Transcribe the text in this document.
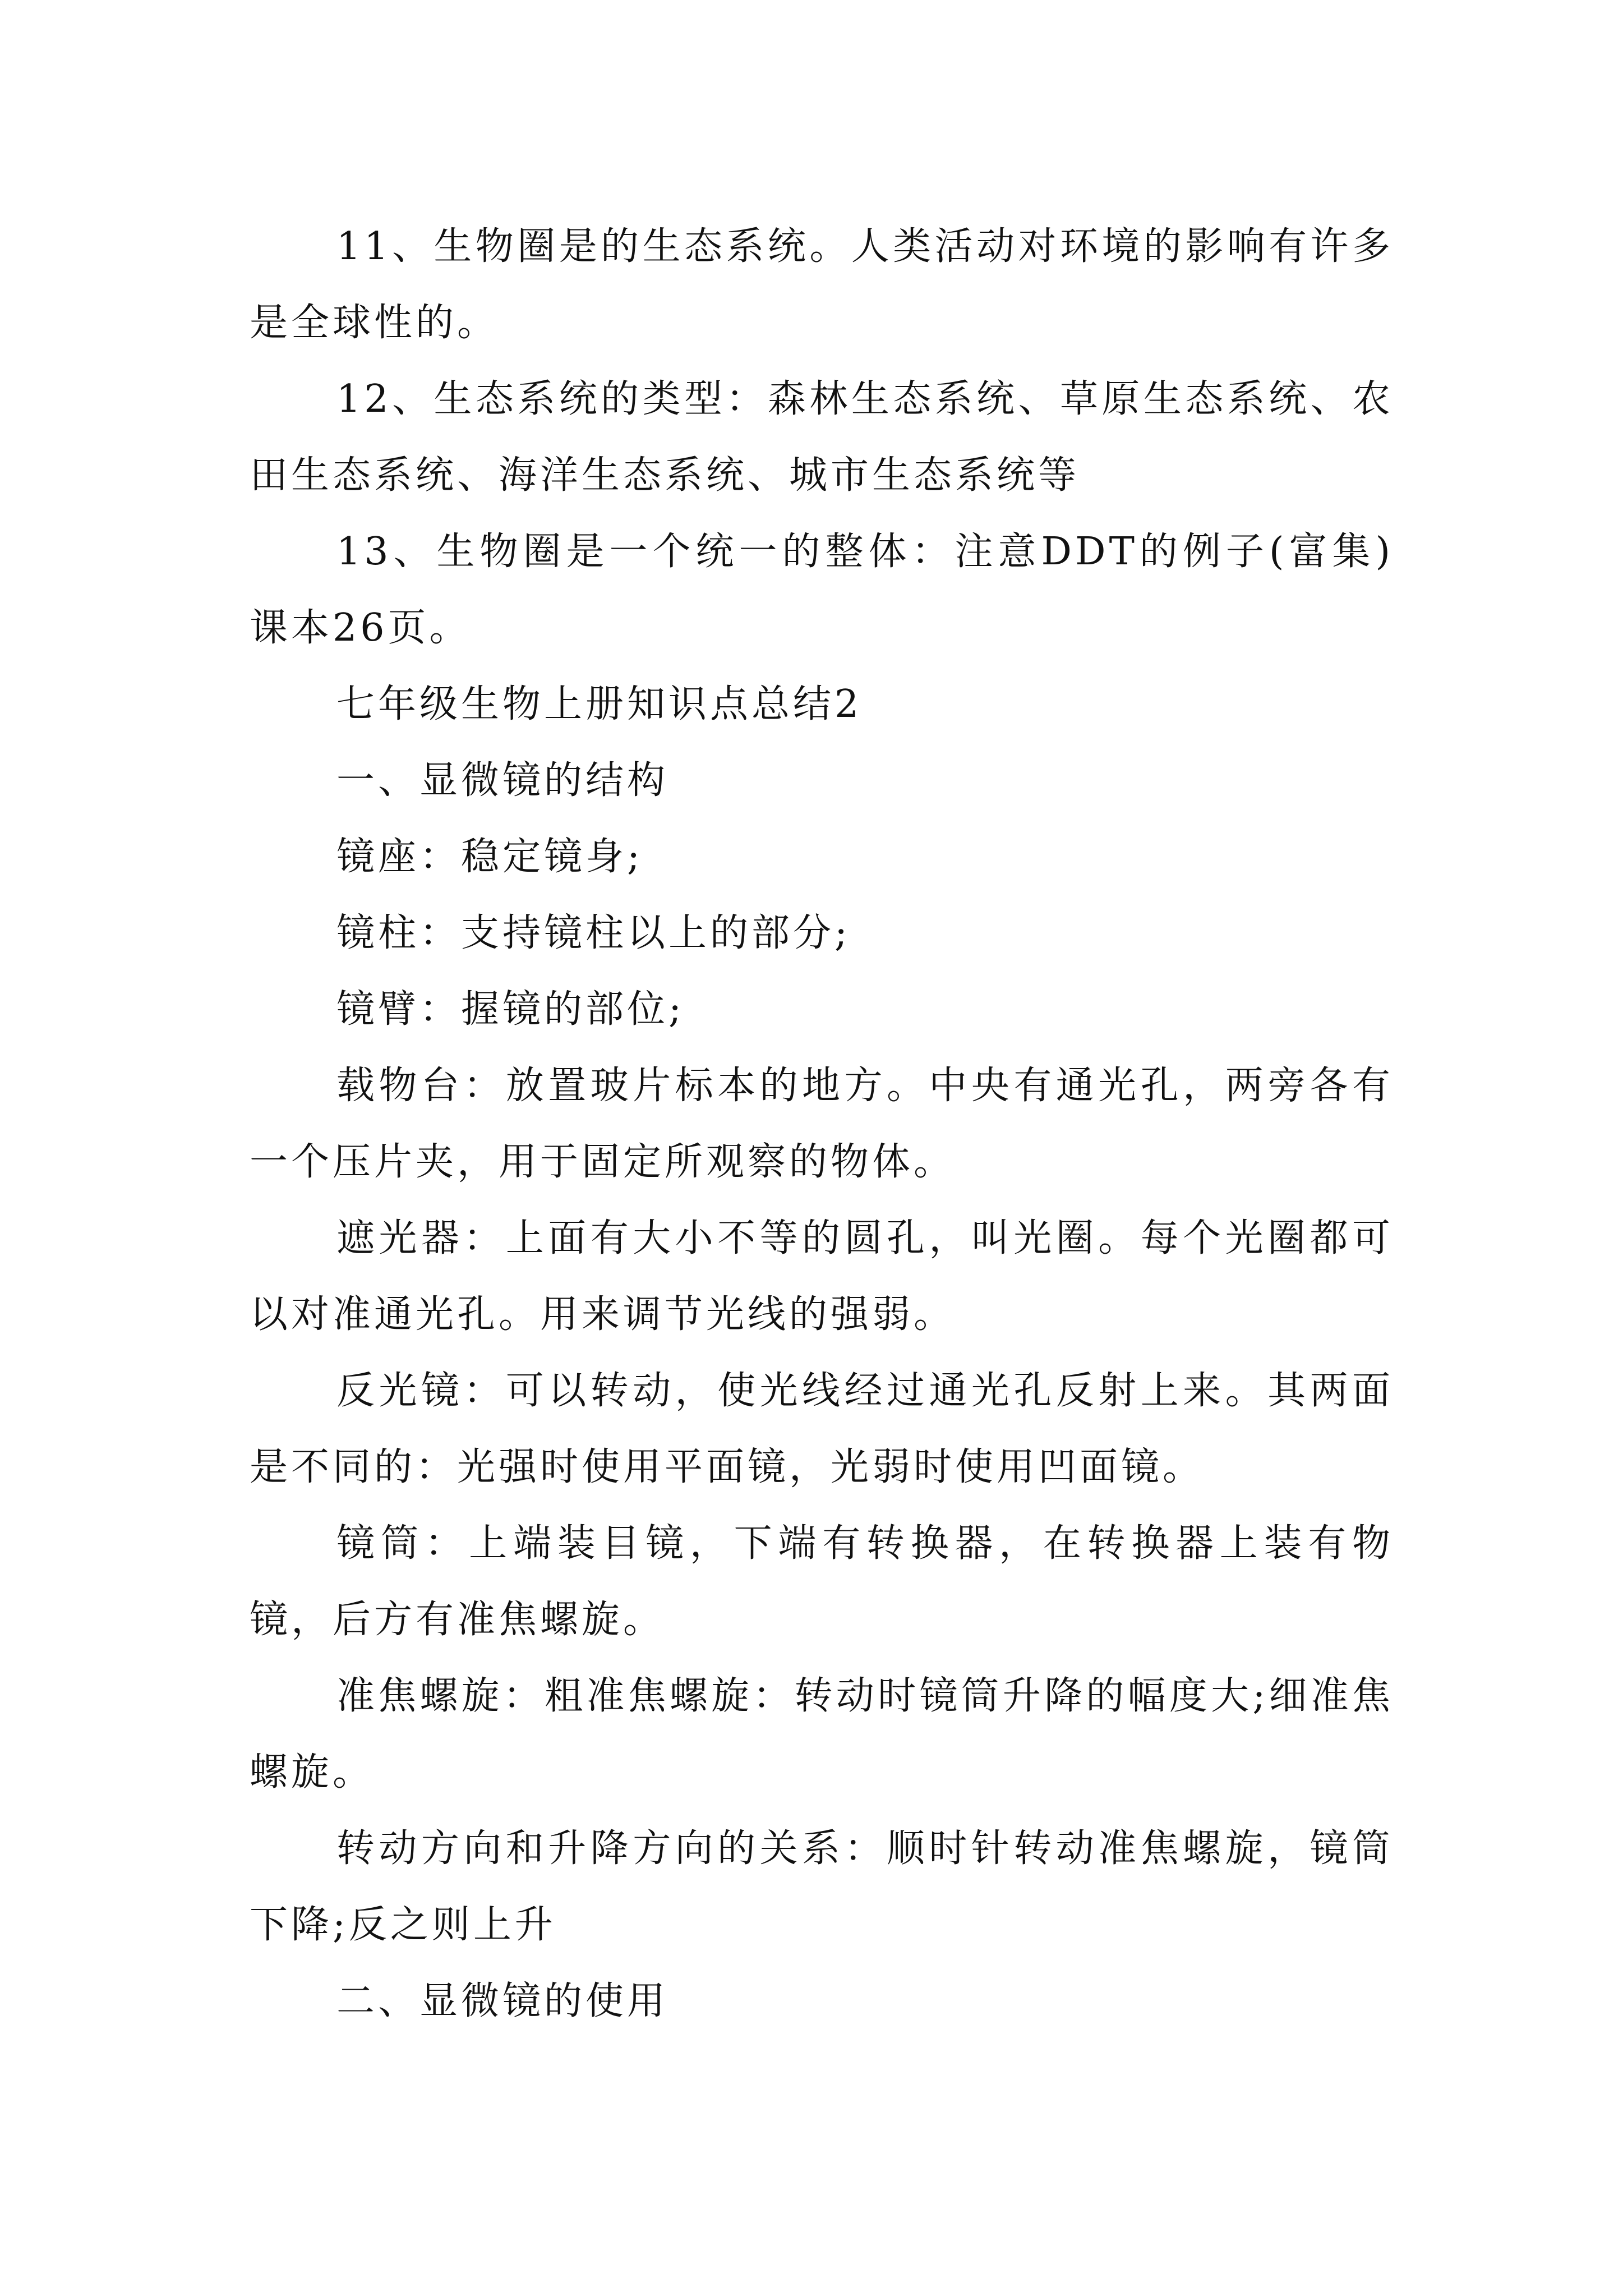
11、生物圈是的生态系统。人类活动对环境的影响有许多是全球性的。

12、生态系统的类型：森林生态系统、草原生态系统、农田生态系统、海洋生态系统、城市生态系统等

13、生物圈是一个统一的整体：注意DDT的例子(富集)课本26页。

七年级生物上册知识点总结2

一、显微镜的结构

镜座：稳定镜身;

镜柱：支持镜柱以上的部分;

镜臂：握镜的部位;

载物台：放置玻片标本的地方。中央有通光孔，两旁各有一个压片夹，用于固定所观察的物体。

遮光器：上面有大小不等的圆孔，叫光圈。每个光圈都可以对准通光孔。用来调节光线的强弱。

反光镜：可以转动，使光线经过通光孔反射上来。其两面是不同的：光强时使用平面镜，光弱时使用凹面镜。

镜筒：上端装目镜，下端有转换器，在转换器上装有物镜，后方有准焦螺旋。

准焦螺旋：粗准焦螺旋：转动时镜筒升降的幅度大;细准焦螺旋。

转动方向和升降方向的关系：顺时针转动准焦螺旋，镜筒下降;反之则上升

二、显微镜的使用
